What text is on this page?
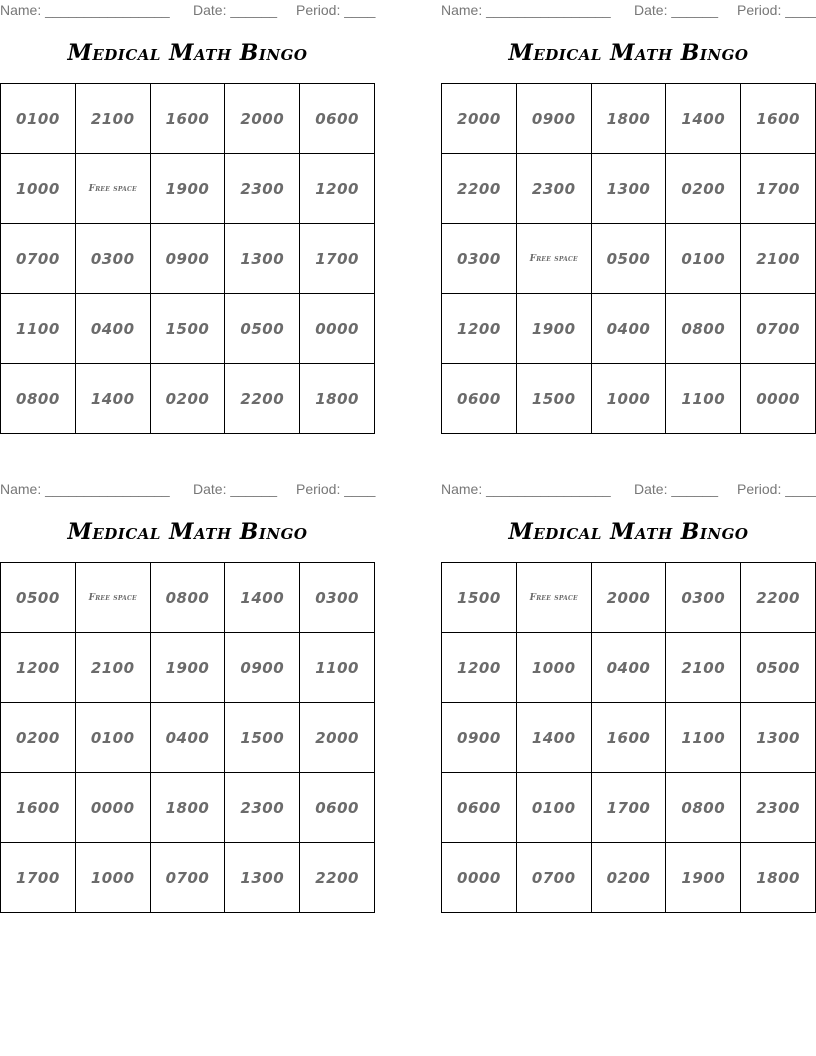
Name: ________________ Date: ______ Period: ____
Medical Math Bingo
0100	2100	1600	2000	0600
1000	Free space	1900	2300	1200
0700	0300	0900	1300	1700
1100	0400	1500	0500	0000
0800	1400	0200	2200	1800
Name: ________________ Date: ______ Period: ____
Medical Math Bingo
2000	0900	1800	1400	1600
2200	2300	1300	0200	1700
0300	Free space	0500	0100	2100
1200	1900	0400	0800	0700
0600	1500	1000	1100	0000
Name: ________________ Date: ______ Period: ____
Medical Math Bingo
0500	Free space	0800	1400	0300
1200	2100	1900	0900	1100
0200	0100	0400	1500	2000
1600	0000	1800	2300	0600
1700	1000	0700	1300	2200
Name: ________________ Date: ______ Period: ____
Medical Math Bingo
1500	Free space	2000	0300	2200
1200	1000	0400	2100	0500
0900	1400	1600	1100	1300
0600	0100	1700	0800	2300
0000	0700	0200	1900	1800
